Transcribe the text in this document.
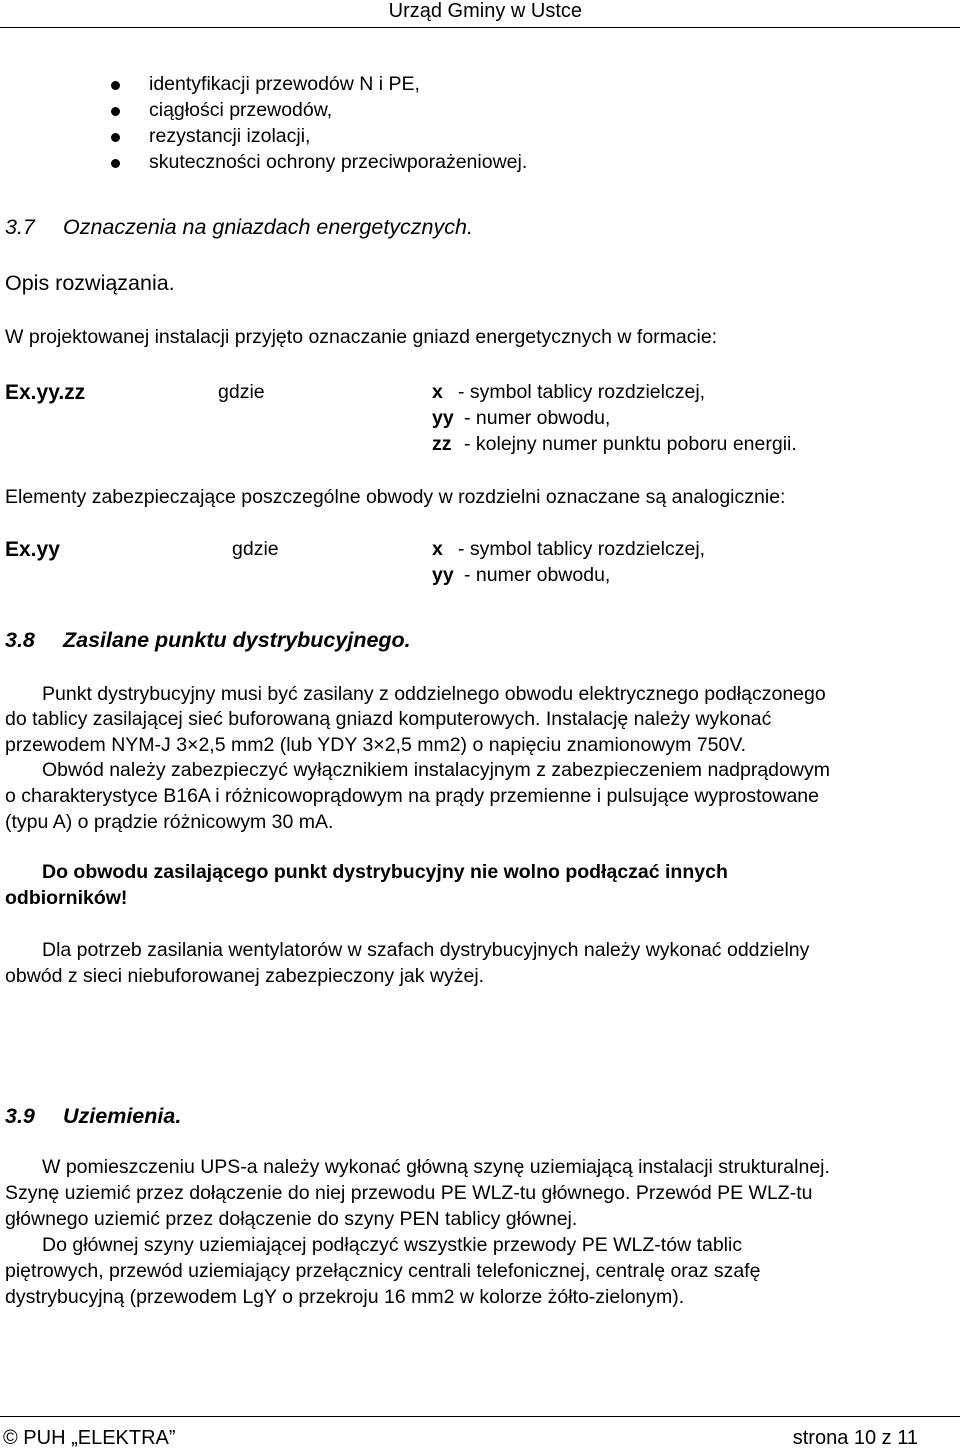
Urząd Gminy w Ustce
identyfikacji przewodów N i PE,
ciągłości przewodów,
rezystancji izolacji,
skuteczności ochrony przeciwporażeniowej.
3.7 Oznaczenia na gniazdach energetycznych.
Opis rozwiązania.
W projektowanej instalacji przyjęto oznaczanie gniazd energetycznych w formacie:
Ex.yy.zz	gdzie	x - symbol tablicy rozdzielczej,
yy - numer obwodu,
zz - kolejny numer punktu poboru energii.
Elementy zabezpieczające poszczególne obwody w rozdzielni oznaczane są analogicznie:
Ex.yy	gdzie	x - symbol tablicy rozdzielczej,
yy - numer obwodu,
3.8 Zasilane punktu dystrybucyjnego.
Punkt dystrybucyjny musi być zasilany z oddzielnego obwodu elektrycznego podłączonego
do tablicy zasilającej sieć buforowaną gniazd komputerowych. Instalację należy wykonać
przewodem NYM-J 3×2,5 mm2 (lub YDY 3×2,5 mm2) o napięciu znamionowym 750V.
Obwód należy zabezpieczyć wyłącznikiem instalacyjnym z zabezpieczeniem nadprądowym
o charakterystyce B16A i różnicowoprądowym na prądy przemienne i pulsujące wyprostowane
(typu A) o prądzie różnicowym 30 mA.
Do obwodu zasilającego punkt dystrybucyjny nie wolno podłączać innych
odbiorników!
Dla potrzeb zasilania wentylatorów w szafach dystrybucyjnych należy wykonać oddzielny
obwód z sieci niebuforowanej zabezpieczony jak wyżej.
3.9 Uziemienia.
W pomieszczeniu UPS-a należy wykonać główną szynę uziemiającą instalacji strukturalnej.
Szynę uziemić przez dołączenie do niej przewodu PE WLZ-tu głównego. Przewód PE WLZ-tu
głównego uziemić przez dołączenie do szyny PEN tablicy głównej.
Do głównej szyny uziemiającej podłączyć wszystkie przewody PE WLZ-tów tablic
piętrowych, przewód uziemiający przełącznicy centrali telefonicznej, centralę oraz szafę
dystrybucyjną (przewodem LgY o przekroju 16 mm2 w kolorze żółto-zielonym).
© PUH „ELEKTRA”	strona 10 z 11
